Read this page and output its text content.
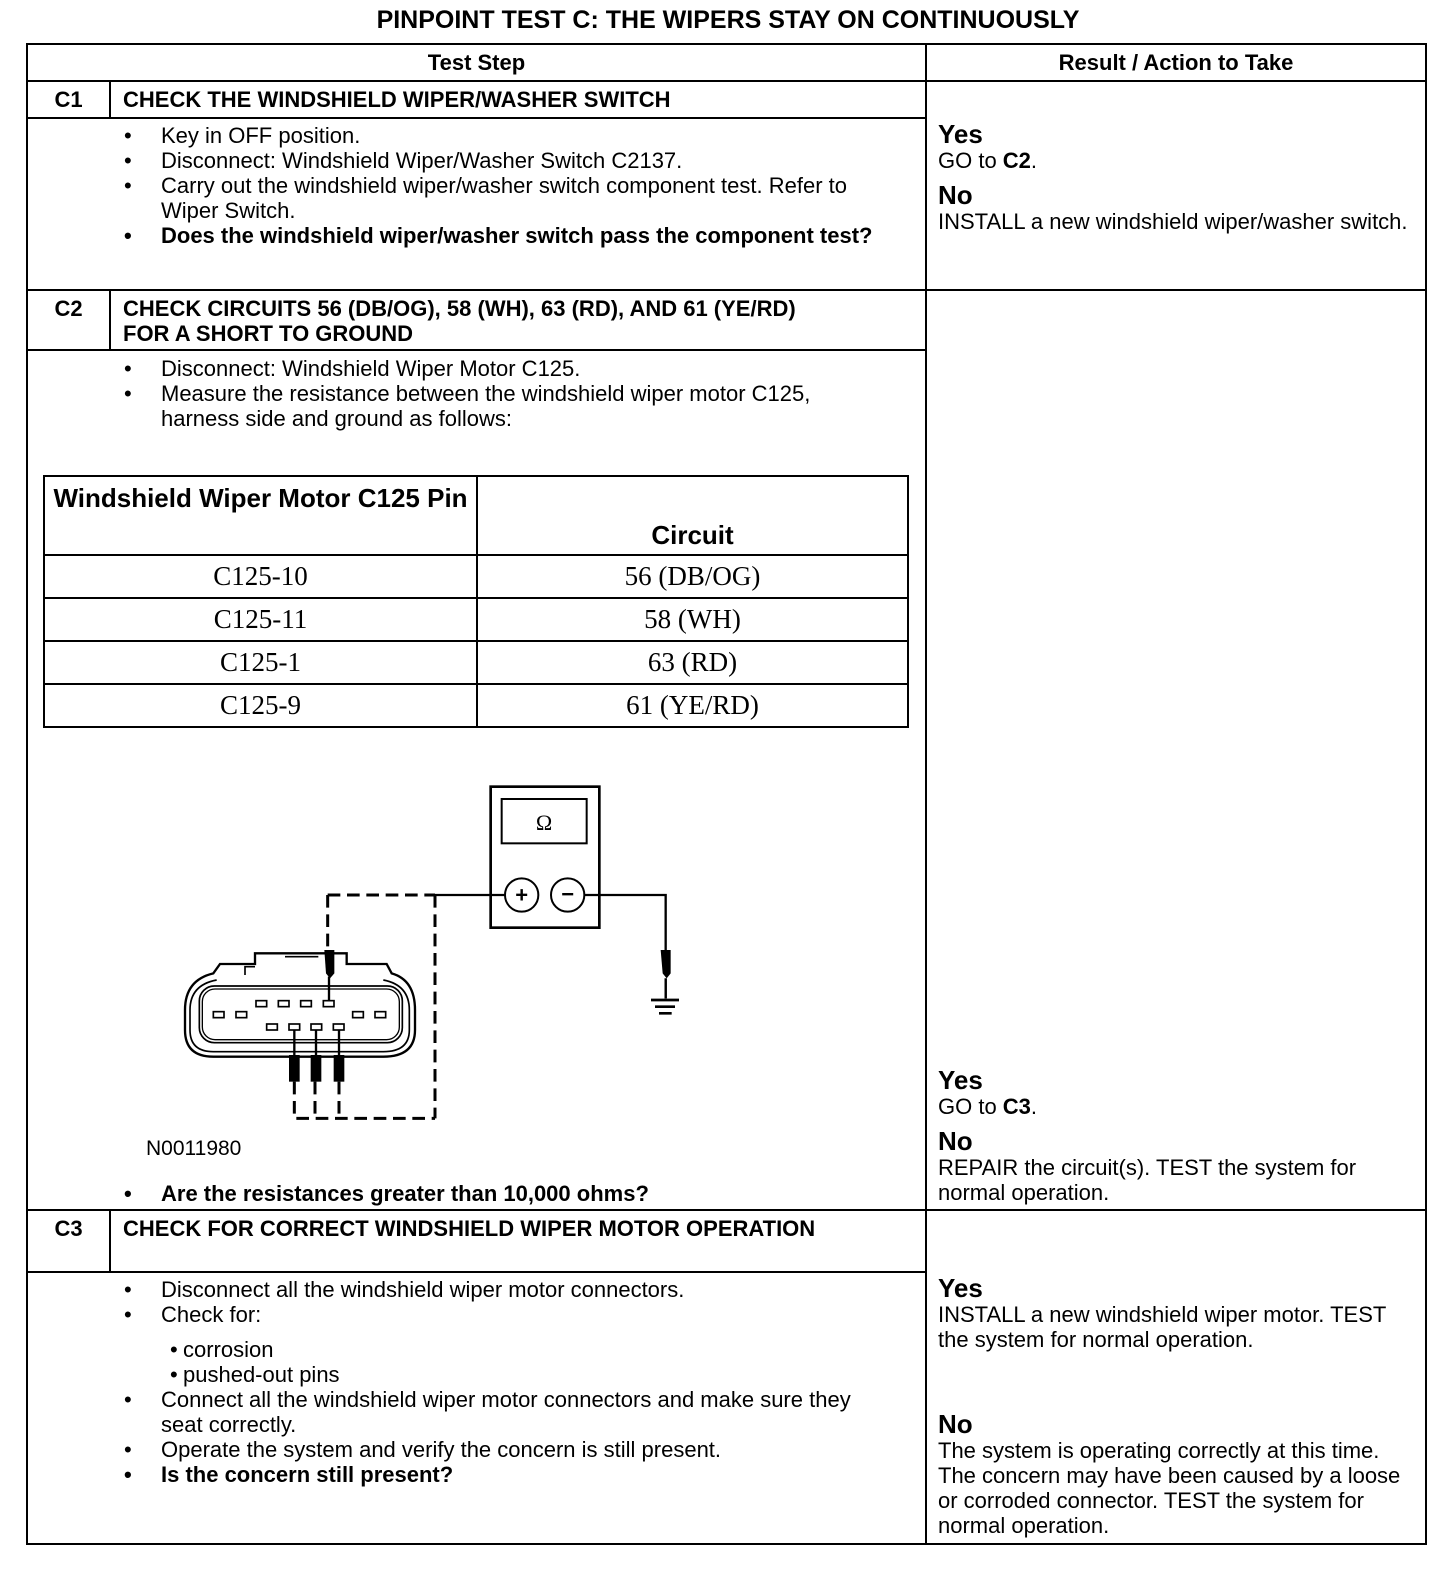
PINPOINT TEST C: THE WIPERS STAY ON CONTINUOUSLY
Test Step	Result / Action to Take
C1	CHECK THE WINDSHIELD WIPER/WASHER SWITCH
• Key in OFF position.
• Disconnect: Windshield Wiper/Washer Switch C2137.
• Carry out the windshield wiper/washer switch component test. Refer to Wiper Switch.
• Does the windshield wiper/washer switch pass the component test?
Yes
GO to C2.
No
INSTALL a new windshield wiper/washer switch.
C2	CHECK CIRCUITS 56 (DB/OG), 58 (WH), 63 (RD), AND 61 (YE/RD) FOR A SHORT TO GROUND
• Disconnect: Windshield Wiper Motor C125.
• Measure the resistance between the windshield wiper motor C125, harness side and ground as follows:
Windshield Wiper Motor C125 Pin	Circuit
C125-10	56 (DB/OG)
C125-11	58 (WH)
C125-1	63 (RD)
C125-9	61 (YE/RD)
Ω
+ −
N0011980
• Are the resistances greater than 10,000 ohms?
Yes
GO to C3.
No
REPAIR the circuit(s). TEST the system for normal operation.
C3	CHECK FOR CORRECT WINDSHIELD WIPER MOTOR OPERATION
• Disconnect all the windshield wiper motor connectors.
• Check for:
• corrosion
• pushed-out pins
• Connect all the windshield wiper motor connectors and make sure they seat correctly.
• Operate the system and verify the concern is still present.
• Is the concern still present?
Yes
INSTALL a new windshield wiper motor. TEST the system for normal operation.
No
The system is operating correctly at this time. The concern may have been caused by a loose or corroded connector. TEST the system for normal operation.
